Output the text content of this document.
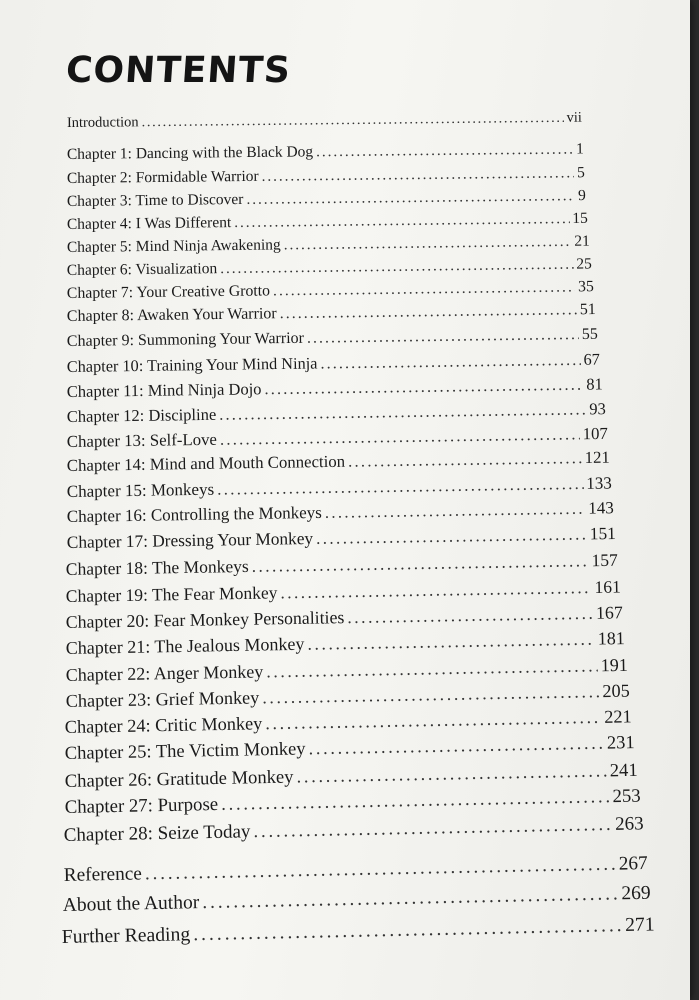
CONTENTS
Introduction . . .	vii
Chapter 1: Dancing with the Black Dog . . .	1
Chapter 2: Formidable Warrior . . .	5
Chapter 3: Time to Discover . . .	9
Chapter 4: I Was Different . . .	15
Chapter 5: Mind Ninja Awakening . . .	21
Chapter 6: Visualization . . .	25
Chapter 7: Your Creative Grotto . . .	35
Chapter 8: Awaken Your Warrior . . .	51
Chapter 9: Summoning Your Warrior . . .	55
Chapter 10: Training Your Mind Ninja . . .	67
Chapter 11: Mind Ninja Dojo . . .	81
Chapter 12: Discipline . . .	93
Chapter 13: Self-Love . . .	107
Chapter 14: Mind and Mouth Connection . . .	121
Chapter 15: Monkeys . . .	133
Chapter 16: Controlling the Monkeys . . .	143
Chapter 17: Dressing Your Monkey . . .	151
Chapter 18: The Monkeys . . .	157
Chapter 19: The Fear Monkey . . .	161
Chapter 20: Fear Monkey Personalities . . .	167
Chapter 21: The Jealous Monkey . . .	181
Chapter 22: Anger Monkey . . .	191
Chapter 23: Grief Monkey . . .	205
Chapter 24: Critic Monkey . . .	221
Chapter 25: The Victim Monkey . . .	231
Chapter 26: Gratitude Monkey . . .	241
Chapter 27: Purpose . . .	253
Chapter 28: Seize Today . . .	263
Reference . . .	267
About the Author . . .	269
Further Reading . . .	271
